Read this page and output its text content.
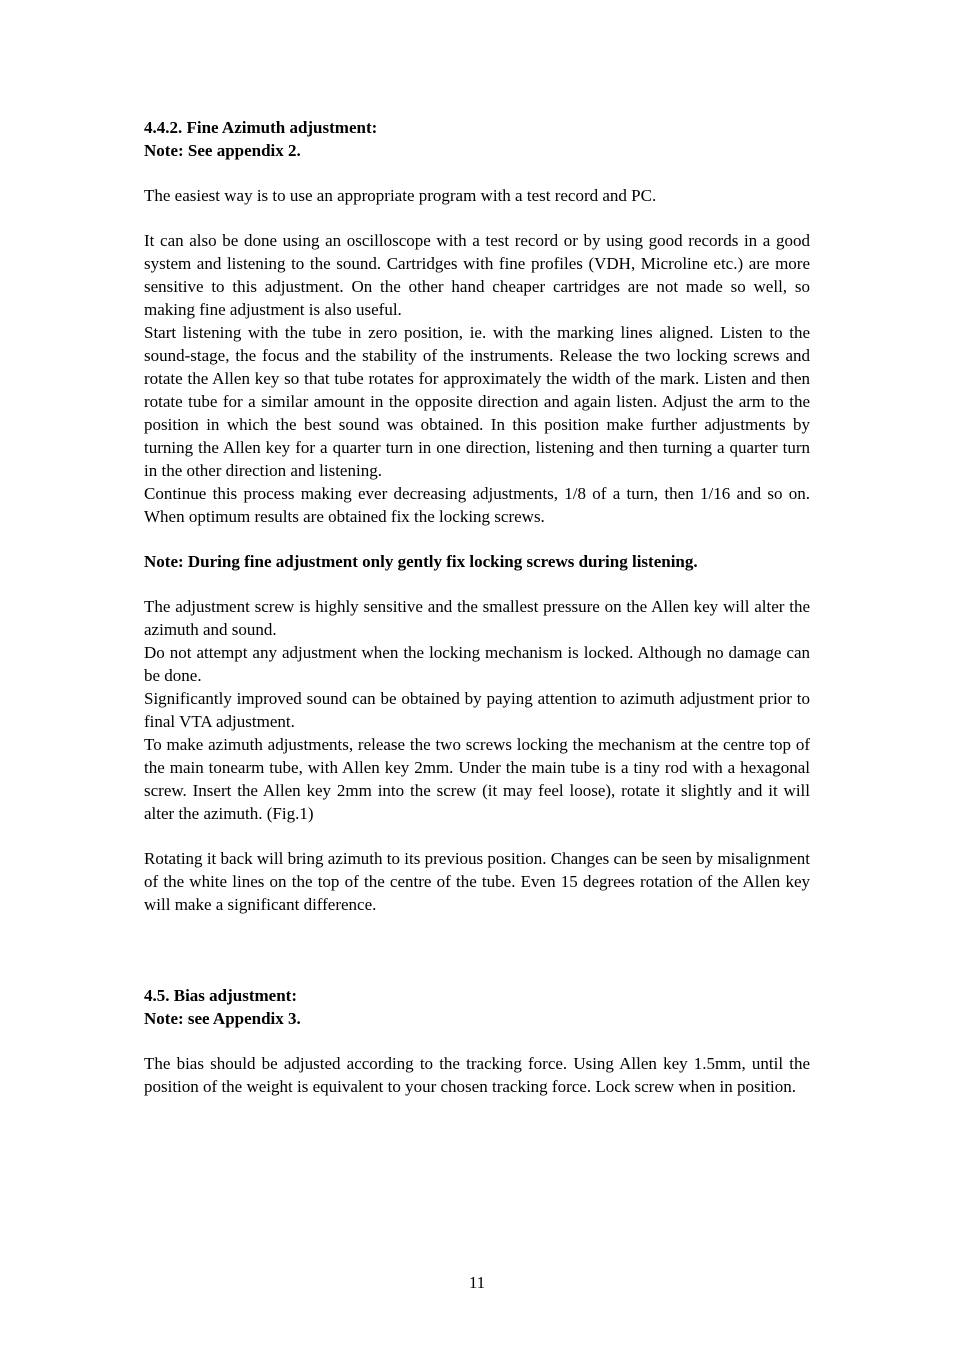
4.4.2. Fine Azimuth adjustment:

Note: See appendix 2.

The easiest way is to use an appropriate program with a test record and PC.

It can also be done using an oscilloscope with a test record or by using good records in a good system and listening to the sound. Cartridges with fine profiles (VDH, Microline etc.) are more sensitive to this adjustment. On the other hand cheaper cartridges are not made so well, so making fine adjustment is also useful.

Start listening with the tube in zero position, ie. with the marking lines aligned. Listen to the sound-stage, the focus and the stability of the instruments. Release the two locking screws and rotate the Allen key so that tube rotates for approximately the width of the mark. Listen and then rotate tube for a similar amount in the opposite direction and again listen. Adjust the arm to the position in which the best sound was obtained. In this position make further adjustments by turning the Allen key for a quarter turn in one direction, listening and then turning a quarter turn in the other direction and listening.

Continue this process making ever decreasing adjustments, 1/8 of a turn, then 1/16 and so on. When optimum results are obtained fix the locking screws.

Note: During fine adjustment only gently fix locking screws during listening.

The adjustment screw is highly sensitive and the smallest pressure on the Allen key will alter the azimuth and sound.

Do not attempt any adjustment when the locking mechanism is locked. Although no damage can be done.

Significantly improved sound can be obtained by paying attention to azimuth adjustment prior to final VTA adjustment.

To make azimuth adjustments, release the two screws locking the mechanism at the centre top of the main tonearm tube, with Allen key 2mm. Under the main tube is a tiny rod with a hexagonal screw. Insert the Allen key 2mm into the screw (it may feel loose), rotate it slightly and it will alter the azimuth. (Fig.1)

Rotating it back will bring azimuth to its previous position. Changes can be seen by misalignment of the white lines on the top of the centre of the tube. Even 15 degrees rotation of the Allen key will make a significant difference.

4.5. Bias adjustment:

Note: see Appendix 3.

The bias should be adjusted according to the tracking force. Using Allen key 1.5mm, until the position of the weight is equivalent to your chosen tracking force. Lock screw when in position.

11
